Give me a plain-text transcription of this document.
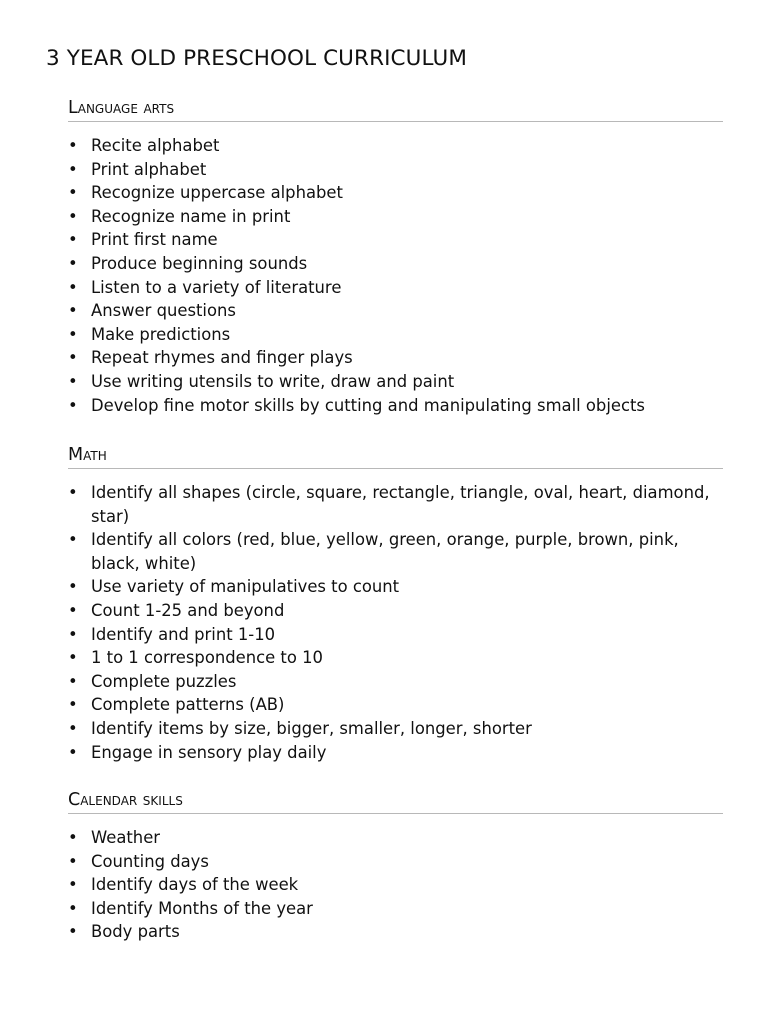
3 YEAR OLD PRESCHOOL CURRICULUM
Language arts
• Recite alphabet
• Print alphabet
• Recognize uppercase alphabet
• Recognize name in print
• Print first name
• Produce beginning sounds
• Listen to a variety of literature
• Answer questions
• Make predictions
• Repeat rhymes and finger plays
• Use writing utensils to write, draw and paint
• Develop fine motor skills by cutting and manipulating small objects
Math
• Identify all shapes (circle, square, rectangle, triangle, oval, heart, diamond, star)
• Identify all colors (red, blue, yellow, green, orange, purple, brown, pink, black, white)
• Use variety of manipulatives to count
• Count 1-25 and beyond
• Identify and print 1-10
• 1 to 1 correspondence to 10
• Complete puzzles
• Complete patterns (AB)
• Identify items by size, bigger, smaller, longer, shorter
• Engage in sensory play daily
Calendar skills
• Weather
• Counting days
• Identify days of the week
• Identify Months of the year
• Body parts
